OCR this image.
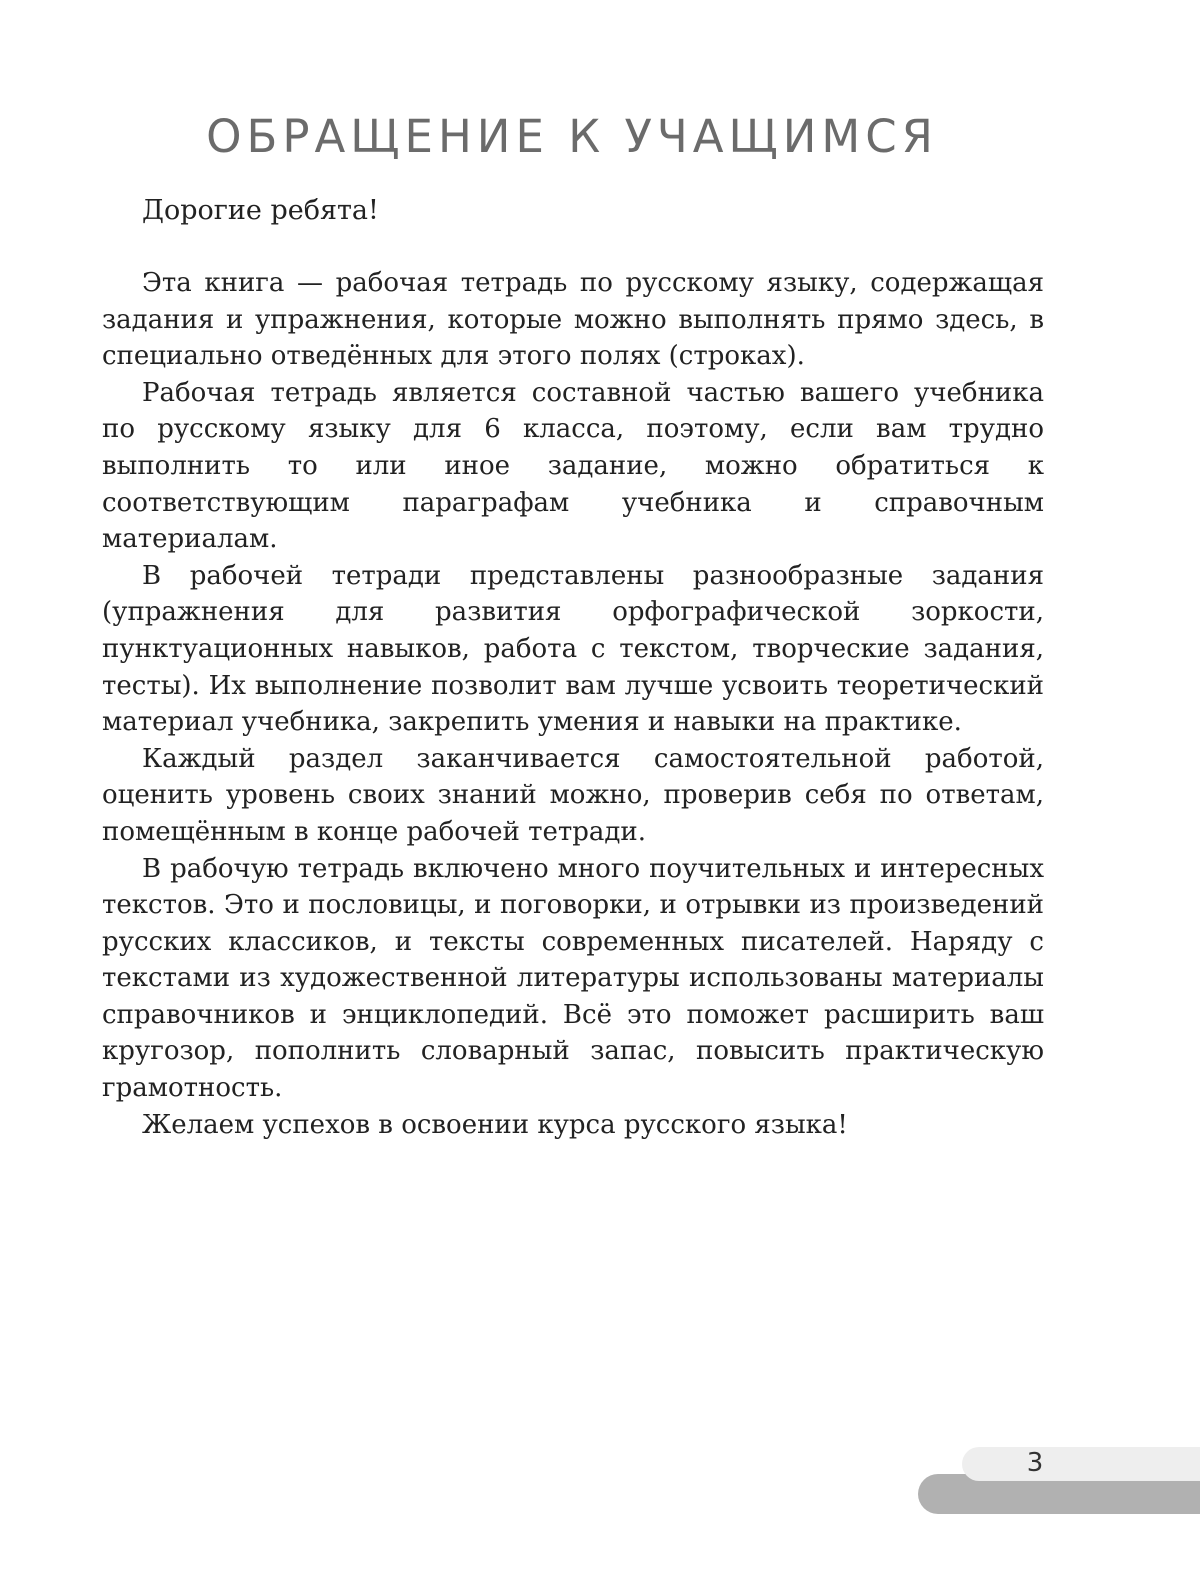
ОБРАЩЕНИЕ К УЧАЩИМСЯ

Дорогие ребята!

Эта книга — рабочая тетрадь по русскому языку, содержащая задания и упражнения, которые можно выполнять прямо здесь, в специально отведённых для этого полях (строках).

Рабочая тетрадь является составной частью вашего учебника по русскому языку для 6 класса, поэтому, если вам трудно выполнить то или иное задание, можно обратиться к соответствующим параграфам учебника и справочным материалам.

В рабочей тетради представлены разнообразные задания (упражнения для развития орфографической зоркости, пунктуационных навыков, работа с текстом, творческие задания, тесты). Их выполнение позволит вам лучше усвоить теоретический материал учебника, закрепить умения и навыки на практике.

Каждый раздел заканчивается самостоятельной работой, оценить уровень своих знаний можно, проверив себя по ответам, помещённым в конце рабочей тетради.

В рабочую тетрадь включено много поучительных и интересных текстов. Это и пословицы, и поговорки, и отрывки из произведений русских классиков, и тексты современных писателей. Наряду с текстами из художественной литературы использованы материалы справочников и энциклопедий. Всё это поможет расширить ваш кругозор, пополнить словарный запас, повысить практическую грамотность.

Желаем успехов в освоении курса русского языка!

3
